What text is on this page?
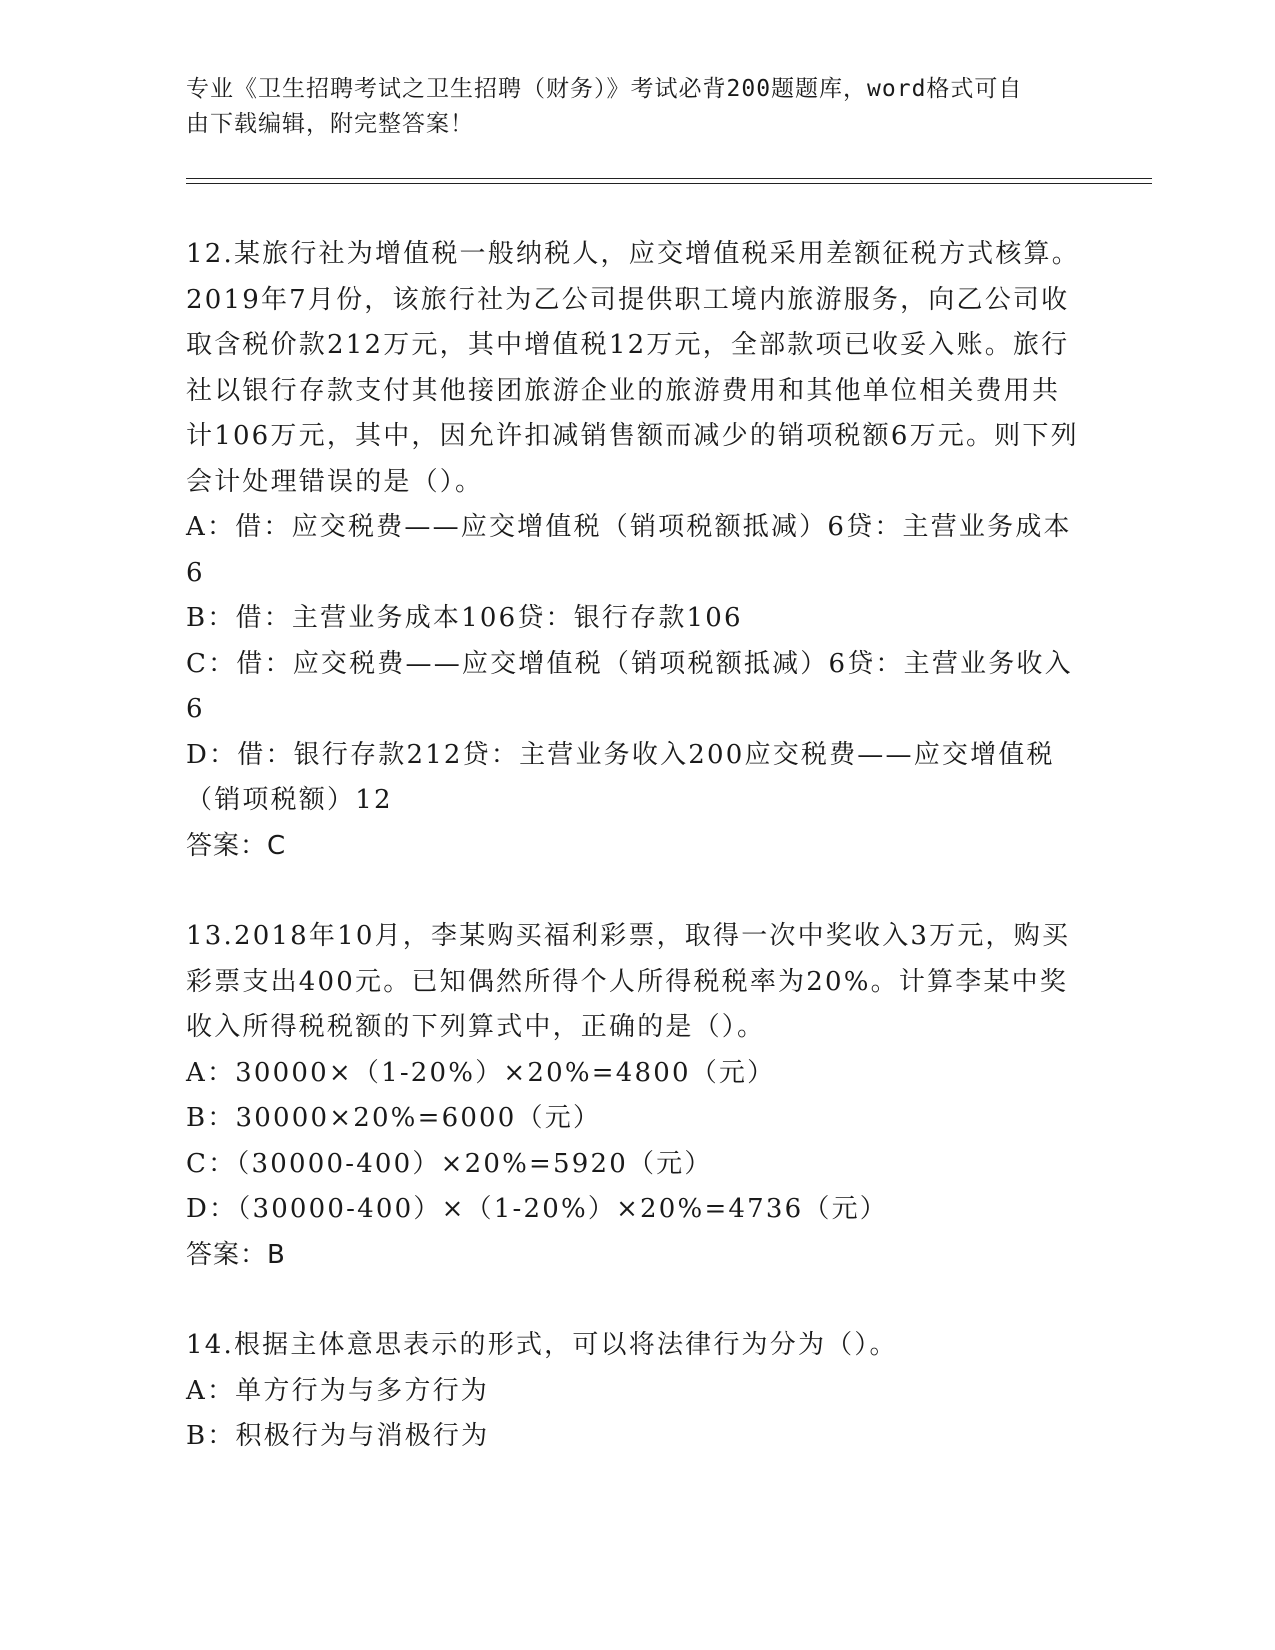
专业《卫生招聘考试之卫生招聘（财务）》考试必背200题题库，word格式可自
由下载编辑，附完整答案！
12.某旅行社为增值税一般纳税人，应交增值税采用差额征税方式核算。2019年7月份，该旅行社为乙公司提供职工境内旅游服务，向乙公司收取含税价款212万元，其中增值税12万元，全部款项已收妥入账。旅行社以银行存款支付其他接团旅游企业的旅游费用和其他单位相关费用共计106万元，其中，因允许扣减销售额而减少的销项税额6万元。则下列会计处理错误的是（）。
A：借：应交税费——应交增值税（销项税额抵减）6贷：主营业务成本6
B：借：主营业务成本106贷：银行存款106
C：借：应交税费——应交增值税（销项税额抵减）6贷：主营业务收入6
D：借：银行存款212贷：主营业务收入200应交税费——应交增值税（销项税额）12
答案：C
13.2018年10月，李某购买福利彩票，取得一次中奖收入3万元，购买彩票支出400元。已知偶然所得个人所得税税率为20%。计算李某中奖收入所得税税额的下列算式中，正确的是（）。
A：30000×（1-20%）×20%=4800（元）
B：30000×20%=6000（元）
C：（30000-400）×20%=5920（元）
D：（30000-400）×（1-20%）×20%=4736（元）
答案：B
14.根据主体意思表示的形式，可以将法律行为分为（）。
A：单方行为与多方行为
B：积极行为与消极行为
